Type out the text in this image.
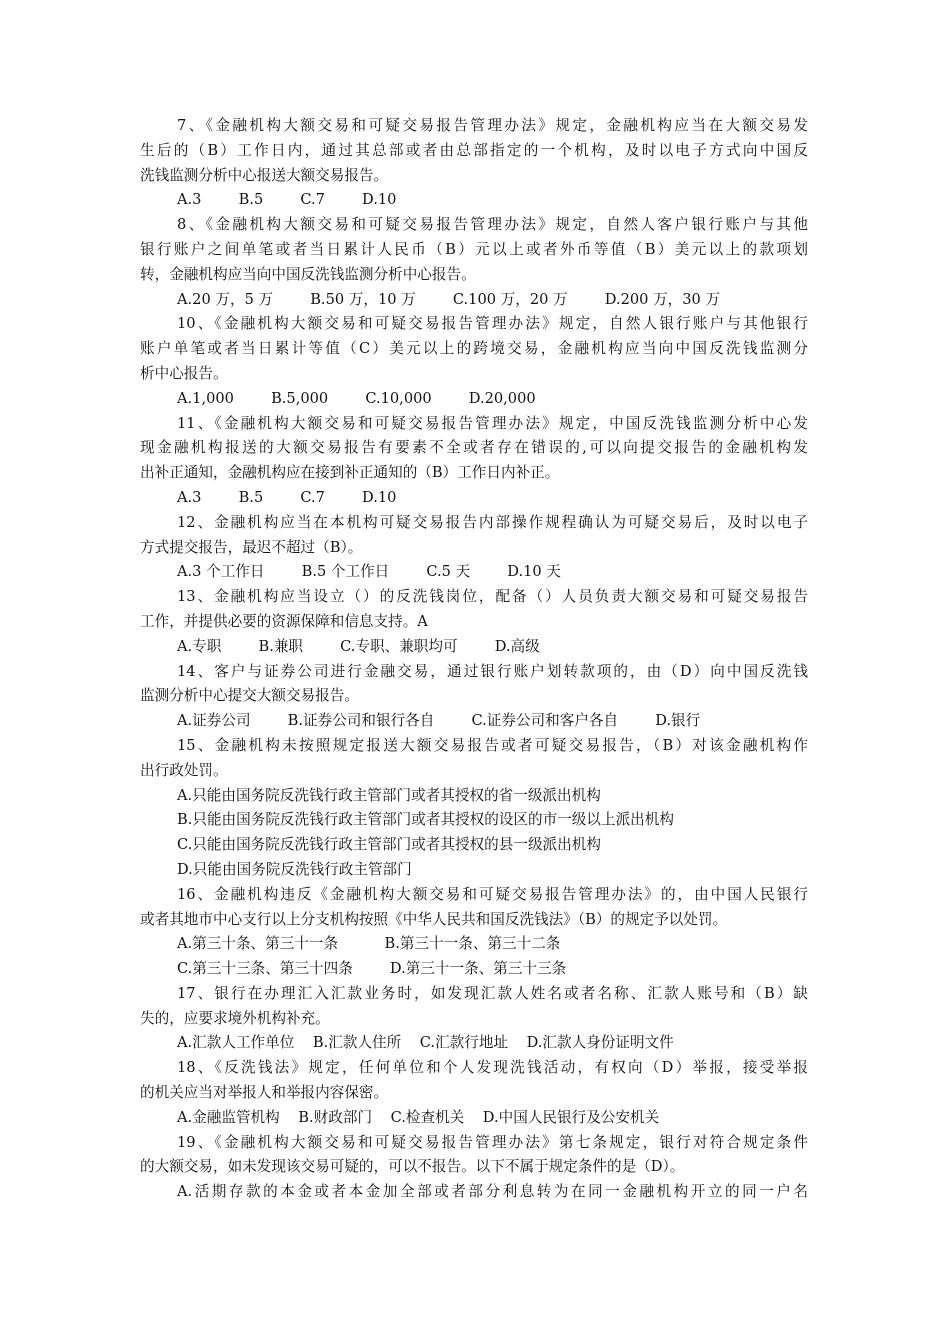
7、《金融机构大额交易和可疑交易报告管理办法》规定，金融机构应当在大额交易发
生后的（B）工作日内，通过其总部或者由总部指定的一个机构，及时以电子方式向中国反
洗钱监测分析中心报送大额交易报告。
A.3        B.5        C.7        D.10
8、《金融机构大额交易和可疑交易报告管理办法》规定，自然人客户银行账户与其他
银行账户之间单笔或者当日累计人民币（B）元以上或者外币等值（B）美元以上的款项划
转，金融机构应当向中国反洗钱监测分析中心报告。
A.20 万，5 万        B.50 万，10 万        C.100 万，20 万        D.200 万，30 万
10、《金融机构大额交易和可疑交易报告管理办法》规定，自然人银行账户与其他银行
账户单笔或者当日累计等值（C）美元以上的跨境交易，金融机构应当向中国反洗钱监测分
析中心报告。
A.1,000        B.5,000        C.10,000        D.20,000
11、《金融机构大额交易和可疑交易报告管理办法》规定，中国反洗钱监测分析中心发
现金融机构报送的大额交易报告有要素不全或者存在错误的,可以向提交报告的金融机构发
出补正通知，金融机构应在接到补正通知的（B）工作日内补正。
A.3        B.5        C.7        D.10
12、金融机构应当在本机构可疑交易报告内部操作规程确认为可疑交易后，及时以电子
方式提交报告，最迟不超过（B）。
A.3 个工作日        B.5 个工作日        C.5 天        D.10 天
13、金融机构应当设立（）的反洗钱岗位，配备（）人员负责大额交易和可疑交易报告
工作，并提供必要的资源保障和信息支持。A
A.专职        B.兼职        C.专职、兼职均可        D.高级
14、客户与证券公司进行金融交易，通过银行账户划转款项的，由（D）向中国反洗钱
监测分析中心提交大额交易报告。
A.证券公司        B.证券公司和银行各自        C.证券公司和客户各自        D.银行
15、金融机构未按照规定报送大额交易报告或者可疑交易报告，（B）对该金融机构作
出行政处罚。
A.只能由国务院反洗钱行政主管部门或者其授权的省一级派出机构
B.只能由国务院反洗钱行政主管部门或者其授权的设区的市一级以上派出机构
C.只能由国务院反洗钱行政主管部门或者其授权的县一级派出机构
D.只能由国务院反洗钱行政主管部门
16、金融机构违反《金融机构大额交易和可疑交易报告管理办法》的，由中国人民银行
或者其地市中心支行以上分支机构按照《中华人民共和国反洗钱法》（B）的规定予以处罚。
A.第三十条、第三十一条          B.第三十一条、第三十二条
C.第三十三条、第三十四条        D.第三十一条、第三十三条
17、银行在办理汇入汇款业务时，如发现汇款人姓名或者名称、汇款人账号和（B）缺
失的，应要求境外机构补充。
A.汇款人工作单位    B.汇款人住所    C.汇款行地址    D.汇款人身份证明文件
18、《反洗钱法》规定，任何单位和个人发现洗钱活动，有权向（D）举报，接受举报
的机关应当对举报人和举报内容保密。
A.金融监管机构    B.财政部门    C.检查机关    D.中国人民银行及公安机关
19、《金融机构大额交易和可疑交易报告管理办法》第七条规定，银行对符合规定条件
的大额交易，如未发现该交易可疑的，可以不报告。以下不属于规定条件的是（D）。
A.活期存款的本金或者本金加全部或者部分利息转为在同一金融机构开立的同一户名
